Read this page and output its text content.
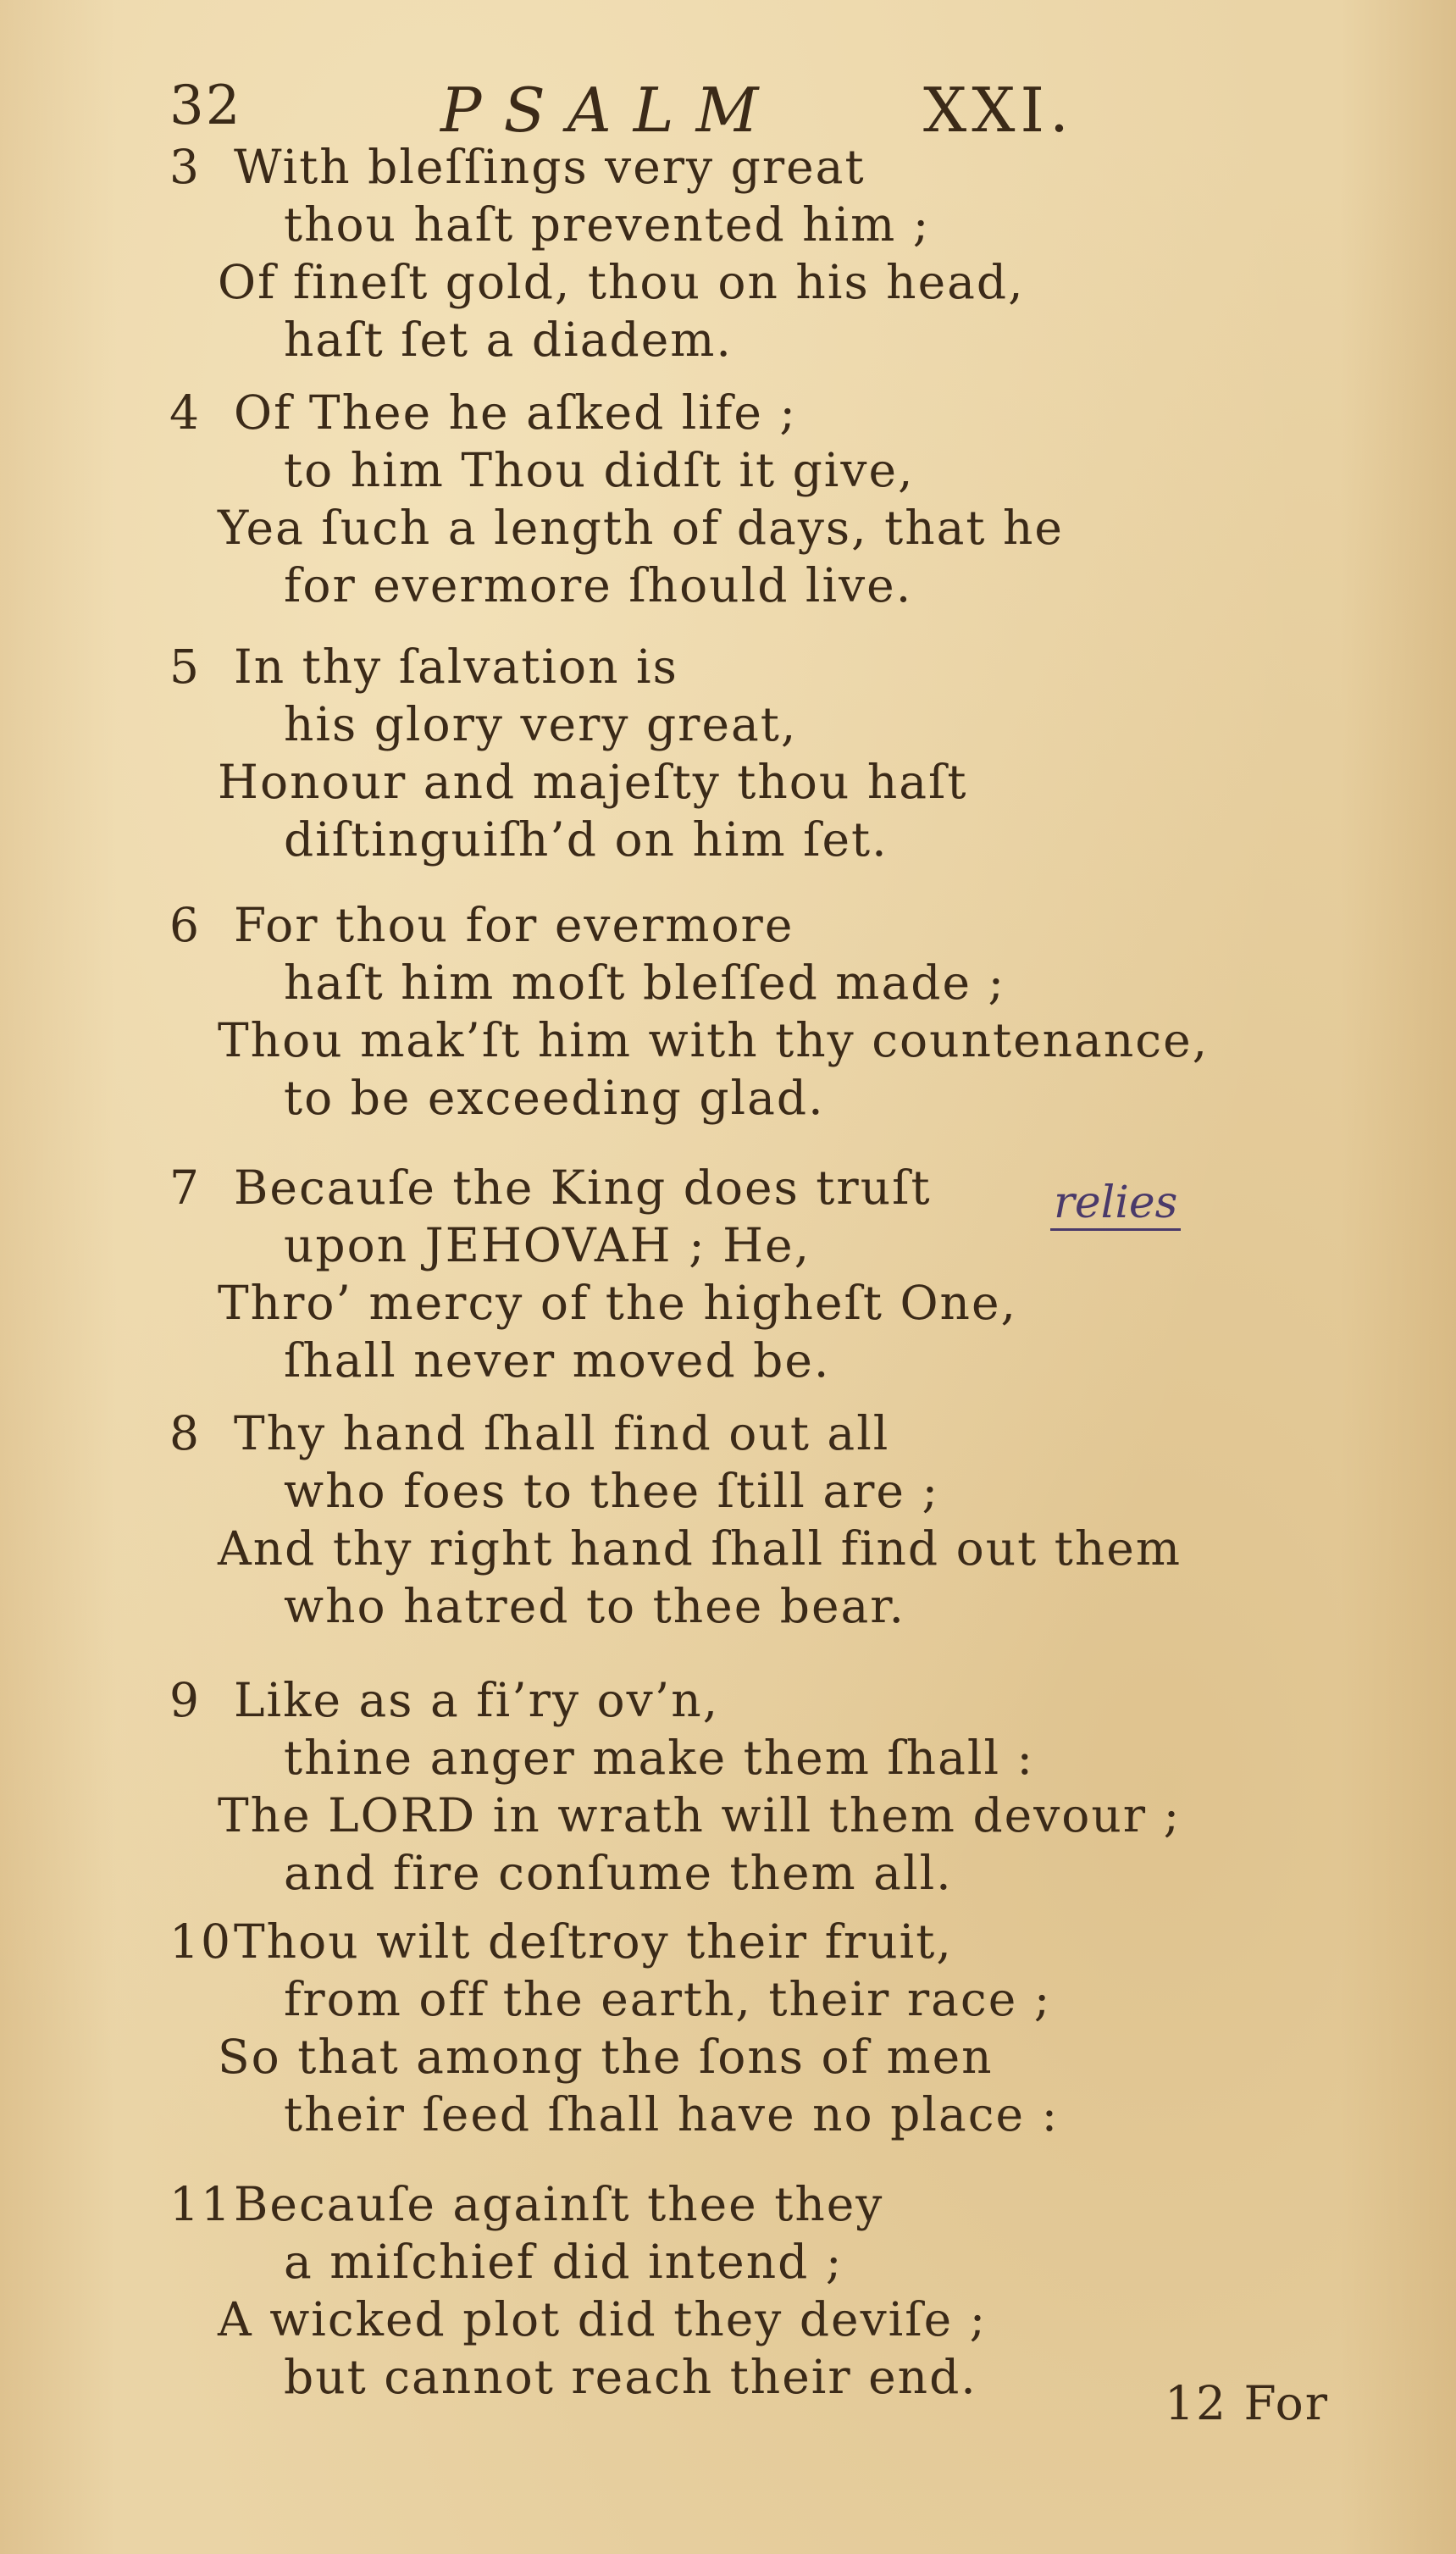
32	PSALM XXI.
3 With bleſſings very great
thou haſt prevented him ;
Of fineſt gold, thou on his head,
haſt ſet a diadem.
4 Of Thee he aſked life ;
to him Thou didſt it give,
Yea ſuch a length of days, that he
for evermore ſhould live.
5 In thy ſalvation is
his glory very great,
Honour and majeſty thou haſt
diſtinguiſh’d on him ſet.
6 For thou for evermore
haſt him moſt bleſſed made ;
Thou mak’ſt him with thy countenance,
to be exceeding glad.
7 Becauſe the King does truſt
upon JEHOVAH ; He,
Thro’ mercy of the higheſt One,
ſhall never moved be.
8 Thy hand ſhall find out all
who foes to thee ſtill are ;
And thy right hand ſhall find out them
who hatred to thee bear.
9 Like as a fi’ry ov’n,
thine anger make them ſhall :
The LORD in wrath will them devour ;
and fire conſume them all.
10Thou wilt deſtroy their fruit,
from off the earth, their race ;
So that among the ſons of men
their ſeed ſhall have no place :
11Becauſe againſt thee they
a miſchief did intend ;
A wicked plot did they deviſe ;
but cannot reach their end.
relies
12 For
